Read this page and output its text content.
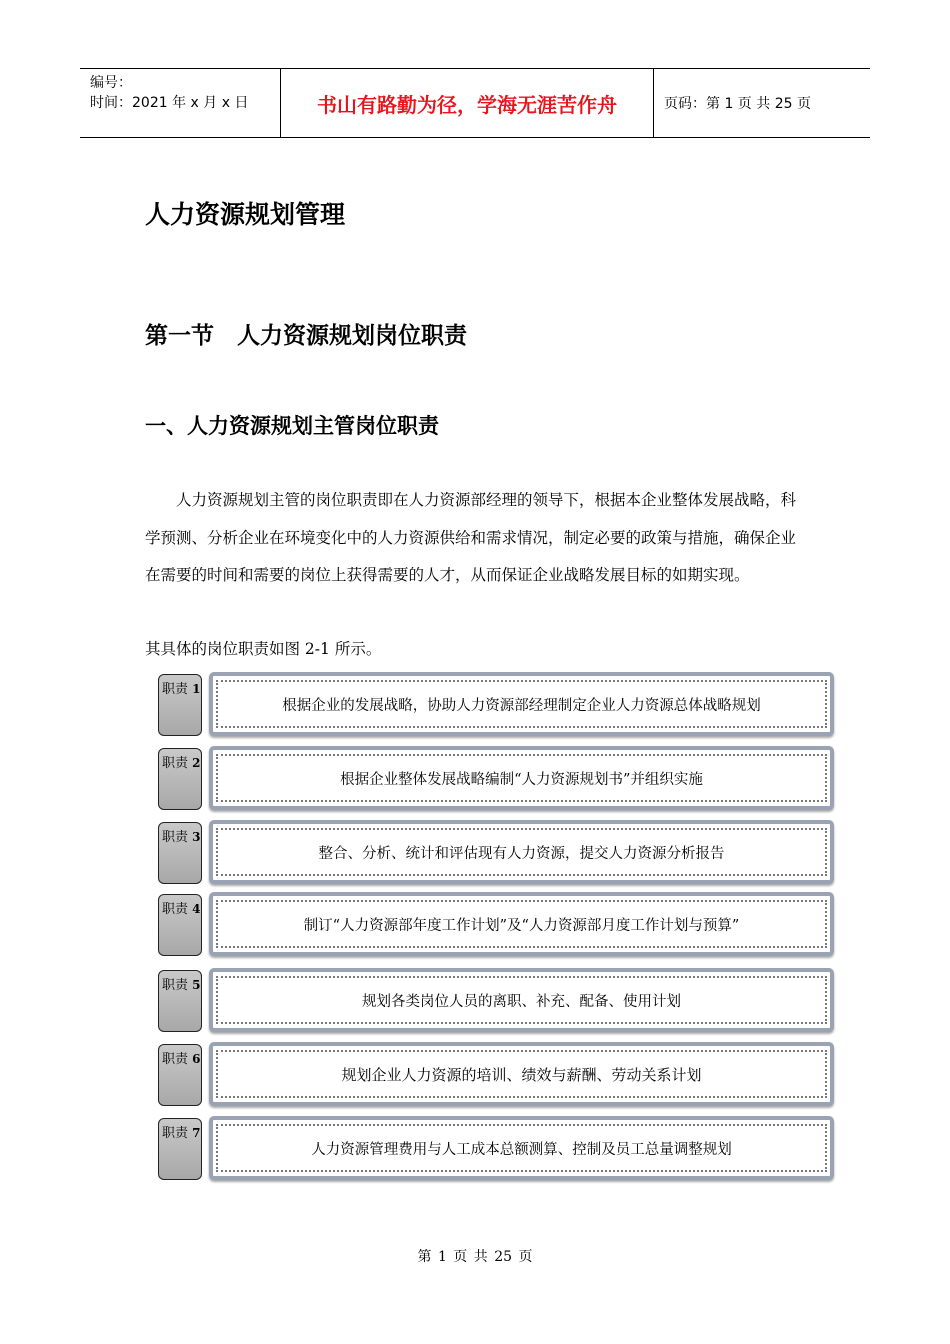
编号：
时间：2021 年 x 月 x 日	书山有路勤为径，学海无涯苦作舟	页码：第 1 页 共 25 页
人力资源规划管理
第一节　人力资源规划岗位职责
一、人力资源规划主管岗位职责

人力资源规划主管的岗位职责即在人力资源部经理的领导下，根据本企业整体发展战略，科学预测、分析企业在环境变化中的人力资源供给和需求情况，制定必要的政策与措施，确保企业在需要的时间和需要的岗位上获得需要的人才，从而保证企业战略发展目标的如期实现。

其具体的岗位职责如图 2-1 所示。

职责 1
根据企业的发展战略，协助人力资源部经理制定企业人力资源总体战略规划
职责 2
根据企业整体发展战略编制“人力资源规划书”并组织实施
职责 3
整合、分析、统计和评估现有人力资源，提交人力资源分析报告
职责 4
制订“人力资源部年度工作计划”及“人力资源部月度工作计划与预算”
职责 5
规划各类岗位人员的离职、补充、配备、使用计划
职责 6
规划企业人力资源的培训、绩效与薪酬、劳动关系计划
职责 7
人力资源管理费用与人工成本总额测算、控制及员工总量调整规划
第 1 页 共 25 页
